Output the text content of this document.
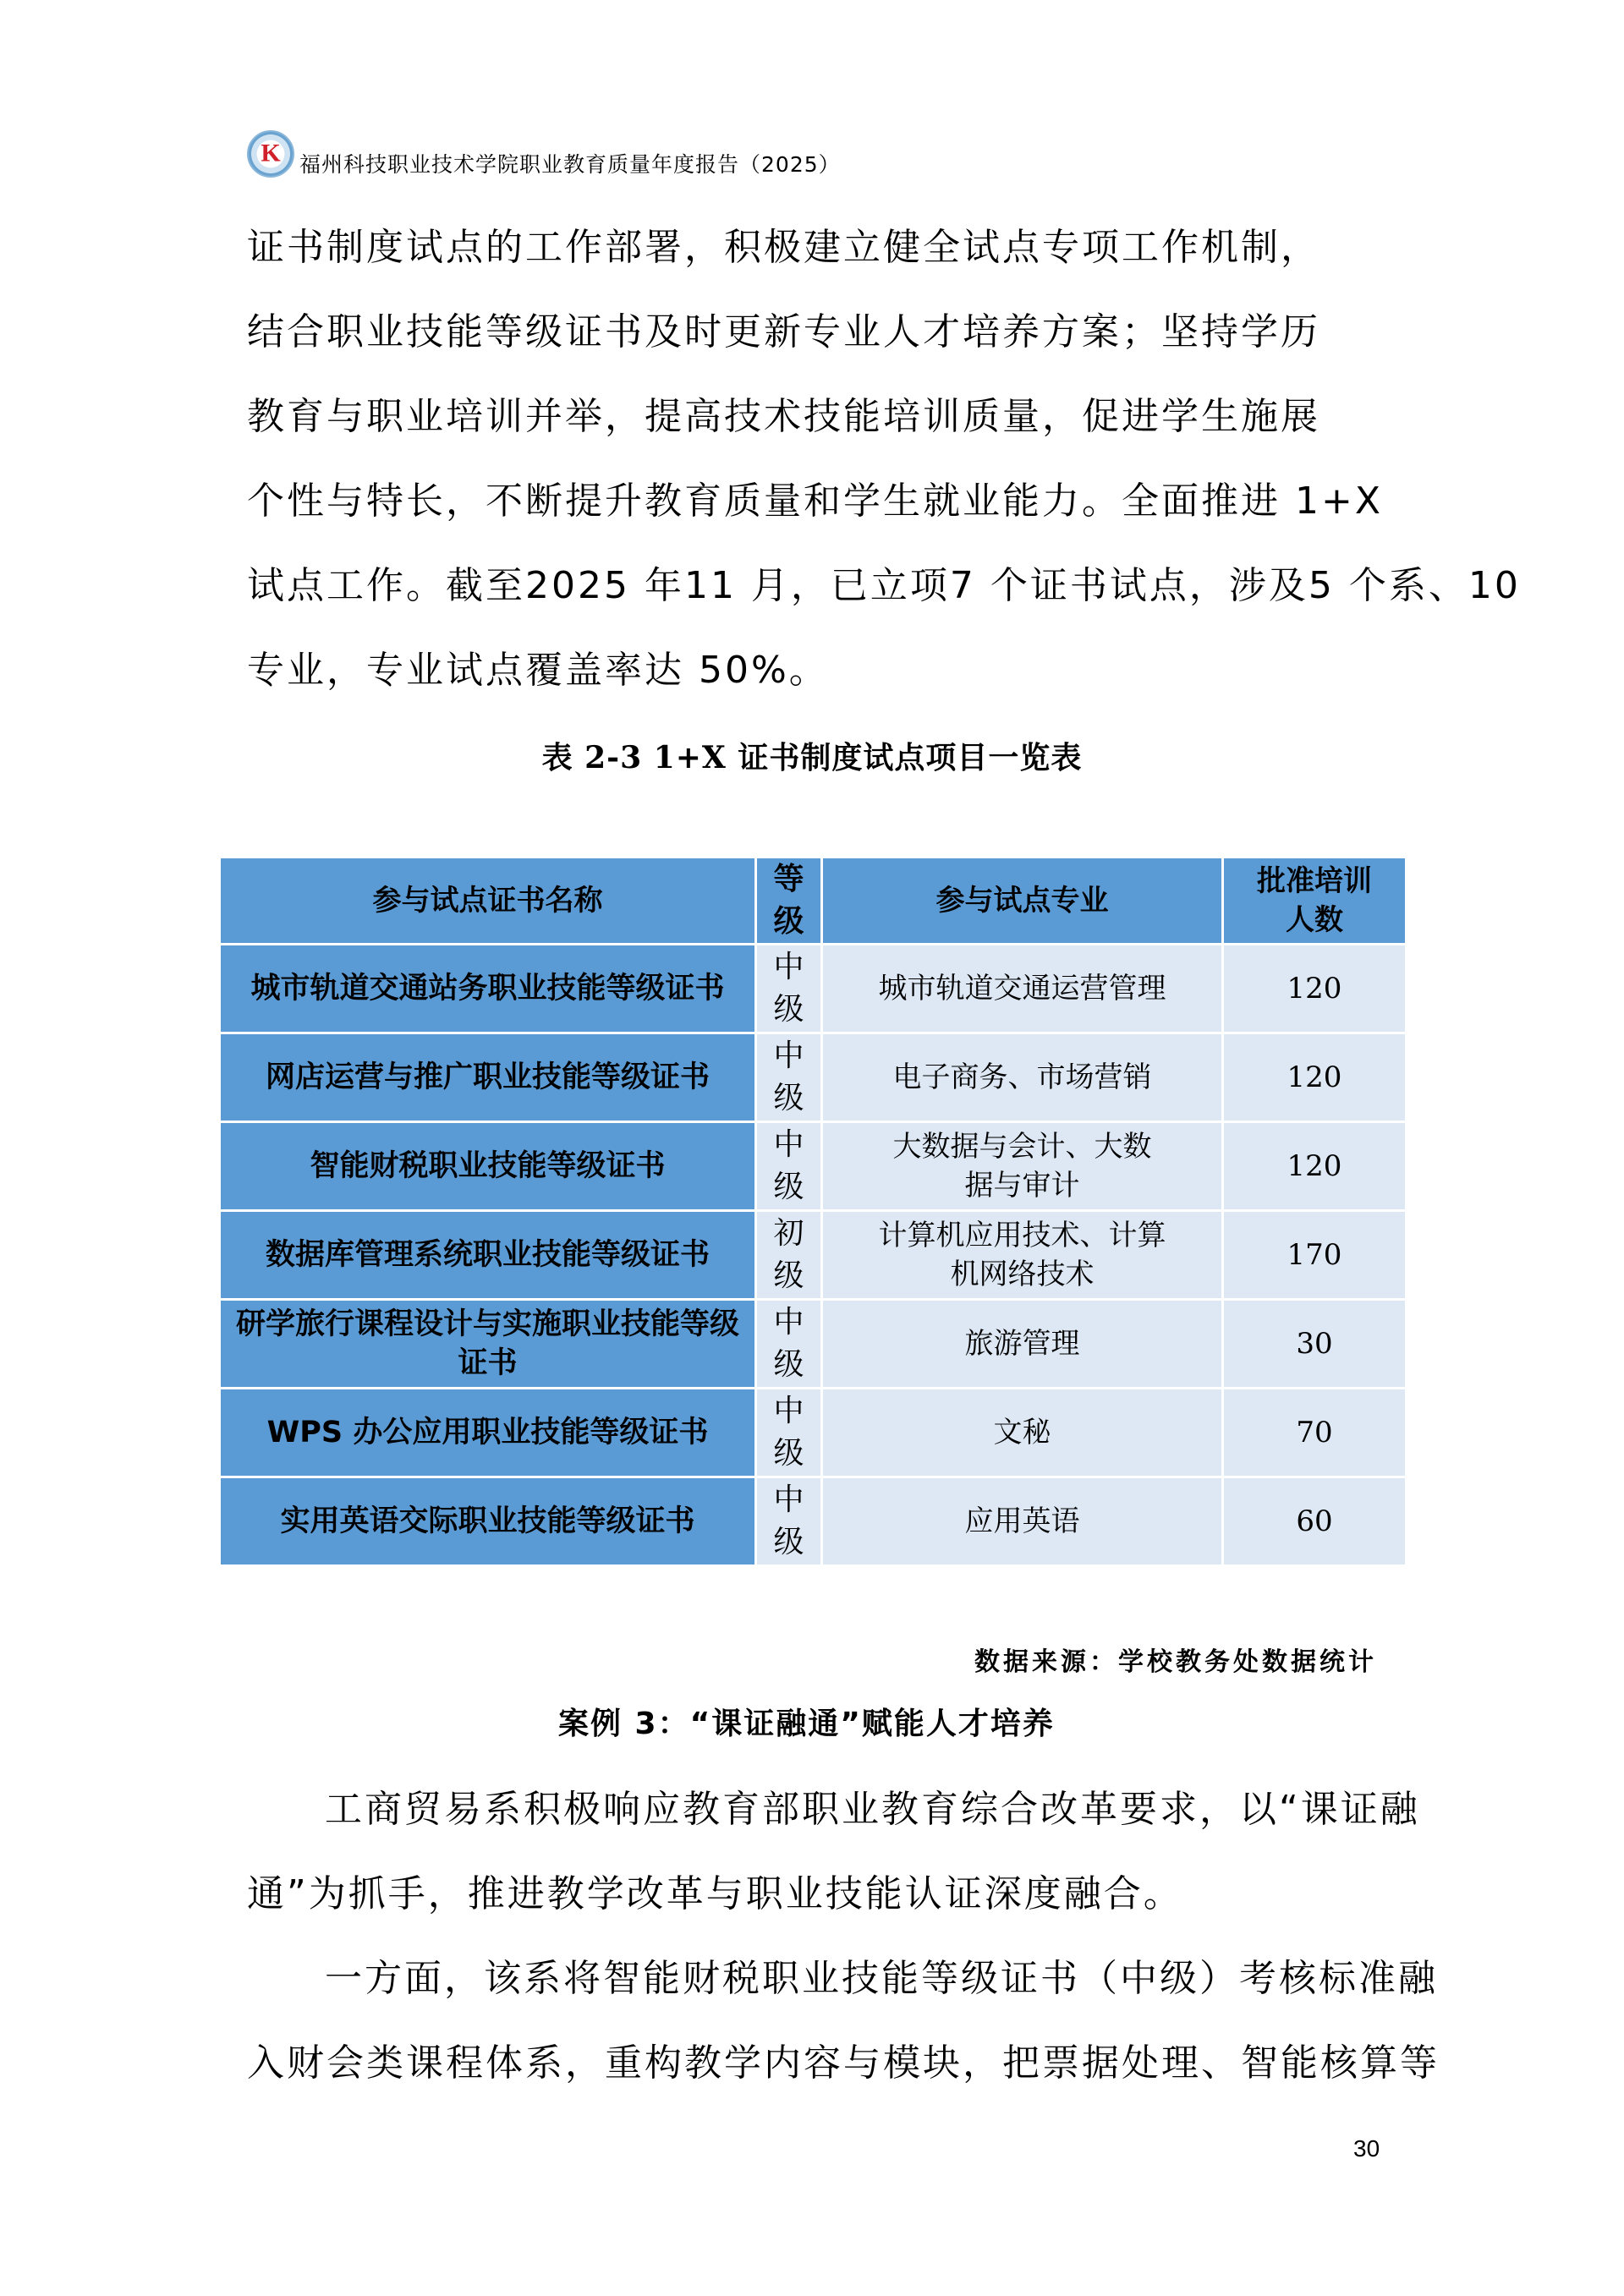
K 福州科技职业技术学院职业教育质量年度报告（2025）

证书制度试点的工作部署，积极建立健全试点专项工作机制，

结合职业技能等级证书及时更新专业人才培养方案；坚持学历

教育与职业培训并举，提高技术技能培训质量，促进学生施展

个性与特长，不断提升教育质量和学生就业能力。全面推进 1+X

试点工作。截至2025 年11 月，已立项7 个证书试点，涉及5 个系、10

专业，专业试点覆盖率达 50%。

表 2-3 1+X 证书制度试点项目一览表
参与试点证书名称	等级	参与试点专业	批准培训人数
城市轨道交通站务职业技能等级证书	中级	城市轨道交通运营管理	120
网店运营与推广职业技能等级证书	中级	电子商务、市场营销	120
智能财税职业技能等级证书	中级	大数据与会计、大数据与审计	120
数据库管理系统职业技能等级证书	初级	计算机应用技术、计算机网络技术	170
研学旅行课程设计与实施职业技能等级证书	中级	旅游管理	30
WPS 办公应用职业技能等级证书	中级	文秘	70
实用英语交际职业技能等级证书	中级	应用英语	60
数据来源：学校教务处数据统计
案例 3：“课证融通”赋能人才培养

工商贸易系积极响应教育部职业教育综合改革要求，以“课证融

通”为抓手，推进教学改革与职业技能认证深度融合。

一方面，该系将智能财税职业技能等级证书（中级）考核标准融

入财会类课程体系，重构教学内容与模块，把票据处理、智能核算等

30
